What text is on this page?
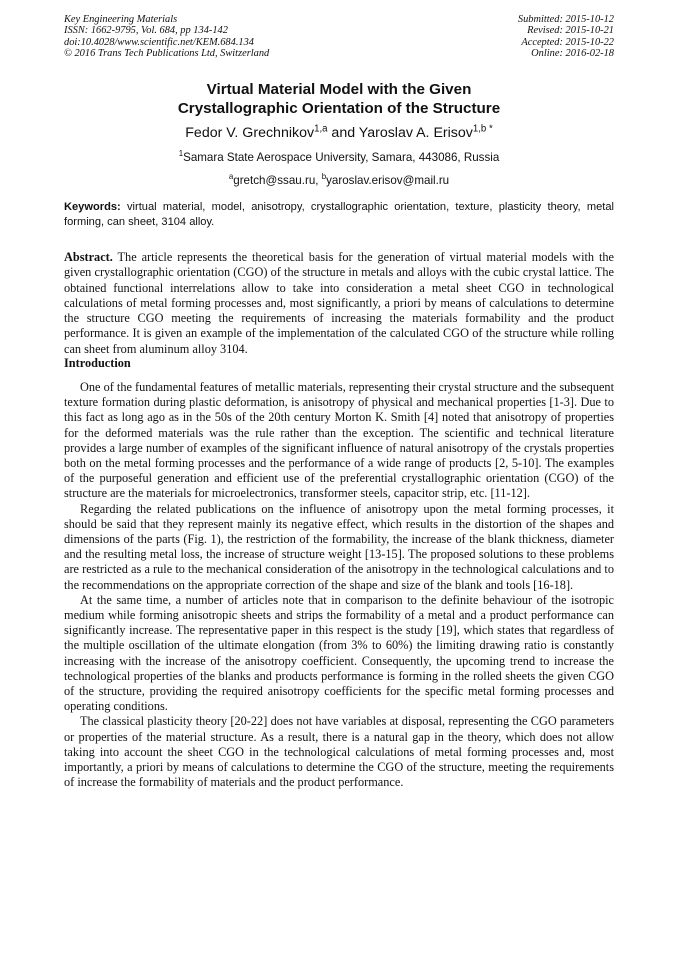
Key Engineering Materials
ISSN: 1662-9795, Vol. 684, pp 134-142
doi:10.4028/www.scientific.net/KEM.684.134
© 2016 Trans Tech Publications Ltd, Switzerland
Submitted: 2015-10-12
Revised: 2015-10-21
Accepted: 2015-10-22
Online: 2016-02-18
Virtual Material Model with the Given
Crystallographic Orientation of the Structure
Fedor V. Grechnikov$^{1,a}$ and Yaroslav A. Erisov$^{1,b *}$
$^1$Samara State Aerospace University, Samara, 443086, Russia
$^a$gretch@ssau.ru, $^b$yaroslav.erisov@mail.ru
Keywords: virtual material, model, anisotropy, crystallographic orientation, texture, plasticity theory, metal forming, can sheet, 3104 alloy.
Abstract. The article represents the theoretical basis for the generation of virtual material models with the given crystallographic orientation (CGO) of the structure in metals and alloys with the cubic crystal lattice. The obtained functional interrelations allow to take into consideration a metal sheet CGO in technological calculations of metal forming processes and, most significantly, a priori by means of calculations to determine the structure CGO meeting the requirements of increasing the materials formability and the product performance. It is given an example of the implementation of the calculated CGO of the structure while rolling can sheet from aluminum alloy 3104.
Introduction

One of the fundamental features of metallic materials, representing their crystal structure and the subsequent texture formation during plastic deformation, is anisotropy of physical and mechanical properties [1-3]. Due to this fact as long ago as in the 50s of the 20th century Morton K. Smith [4] noted that anisotropy of properties for the deformed materials was the rule rather than the exception. The scientific and technical literature provides a large number of examples of the significant influence of natural anisotropy of the crystals properties both on the metal forming processes and the performance of a wide range of products [2, 5-10]. The examples of the purposeful generation and efficient use of the preferential crystallographic orientation (CGO) of the structure are the materials for microelectronics, transformer steels, capacitor strip, etc. [11-12].

Regarding the related publications on the influence of anisotropy upon the metal forming processes, it should be said that they represent mainly its negative effect, which results in the distortion of the shapes and dimensions of the parts (Fig. 1), the restriction of the formability, the increase of the blank thickness, diameter and the resulting metal loss, the increase of structure weight [13-15]. The proposed solutions to these problems are restricted as a rule to the mechanical consideration of the anisotropy in the technological calculations and to the recommendations on the appropriate correction of the shape and size of the blank and tools [16-18].

At the same time, a number of articles note that in comparison to the definite behaviour of the isotropic medium while forming anisotropic sheets and strips the formability of a metal and a product performance can significantly increase. The representative paper in this respect is the study [19], which states that regardless of the multiple oscillation of the ultimate elongation (from 3% to 60%) the limiting drawing ratio is constantly increasing with the increase of the anisotropy coefficient. Consequently, the upcoming trend to increase the technological properties of the blanks and products performance is forming in the rolled sheets the given CGO of the structure, providing the required anisotropy coefficients for the specific metal forming processes and operating conditions.

The classical plasticity theory [20-22] does not have variables at disposal, representing the CGO parameters or properties of the material structure. As a result, there is a natural gap in the theory, which does not allow taking into account the sheet CGO in the technological calculations of metal forming processes and, most importantly, a priori by means of calculations to determine the CGO of the structure, meeting the requirements of increase the formability of materials and the product performance.
